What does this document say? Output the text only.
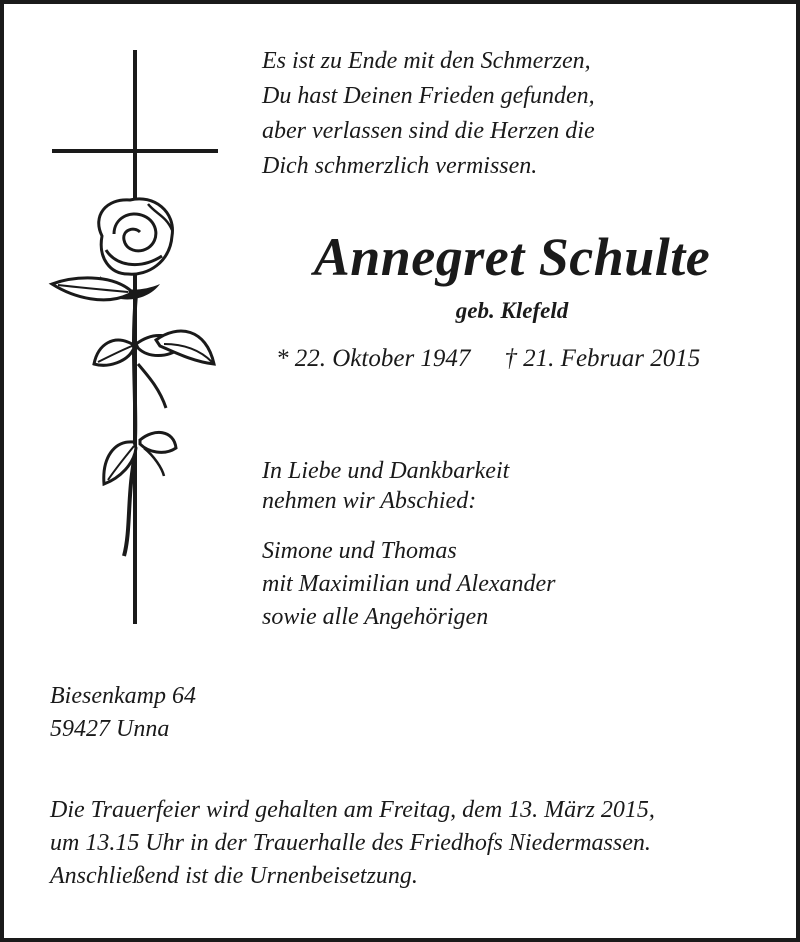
Es ist zu Ende mit den Schmerzen,
Du hast Deinen Frieden gefunden,
aber verlassen sind die Herzen die
Dich schmerzlich vermissen.
Annegret Schulte
geb. Klefeld
* 22. Oktober 1947 † 21. Februar 2015
In Liebe und Dankbarkeit
nehmen wir Abschied:
Simone und Thomas
mit Maximilian und Alexander
sowie alle Angehörigen
Biesenkamp 64
59427 Unna
Die Trauerfeier wird gehalten am Freitag, dem 13. März 2015,
um 13.15 Uhr in der Trauerhalle des Friedhofs Niedermassen.
Anschließend ist die Urnenbeisetzung.
